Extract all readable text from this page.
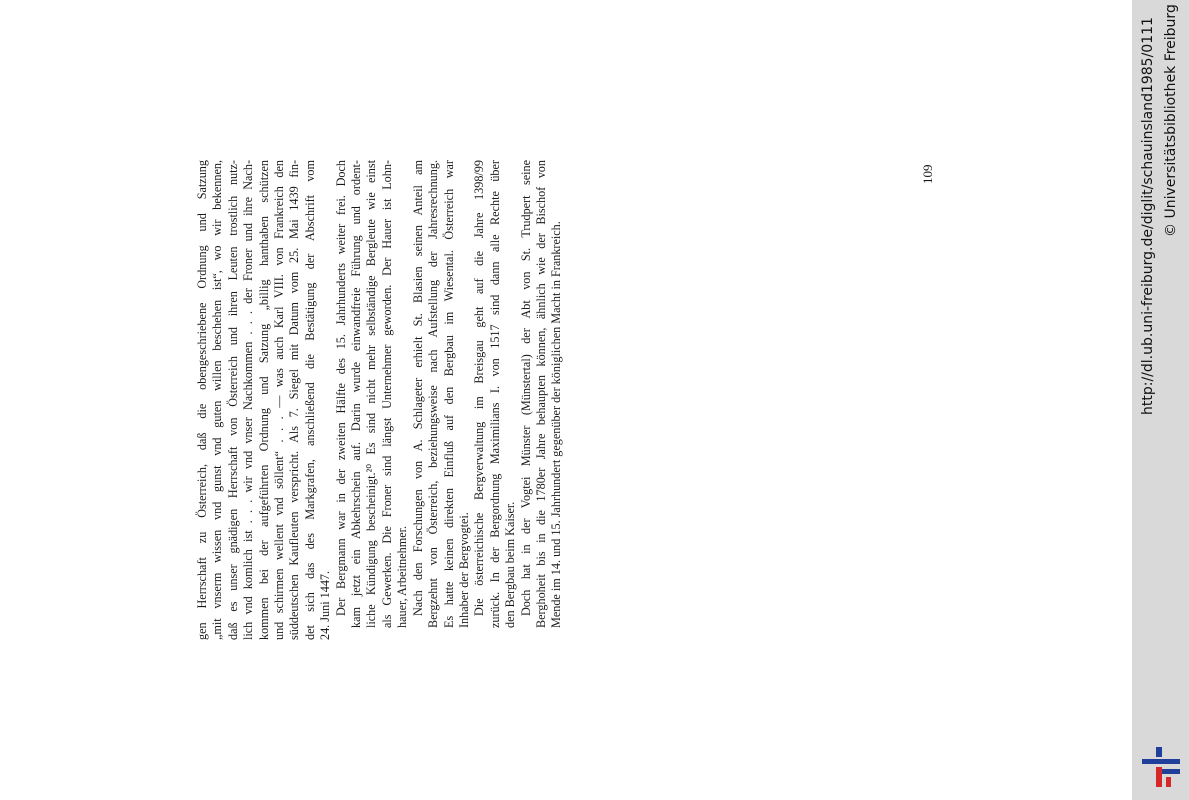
gen Herrschaft zu Österreich, daß die obengeschriebene Ordnung und Satzung „mit vnserm wissen vnd gunst vnd guten willen beschehen ist“, wo wir bekennen, daß es unser gnädigen Herrschaft von Österreich und ihren Leuten trostlich nutz- lich vnd komlich ist . . . wir vnd vnser Nachkommen . . . der Froner und ihre Nach- kommen bei der aufgeführten Ordnung und Satzung „billig hanthaben schützen und schirmen wellent vnd söllent“ . . . — was auch Karl VIII. von Frankreich den süddeutschen Kaufleuten verspricht. Als 7. Siegel mit Datum vom 25. Mai 1439 fin- det sich das des Markgrafen, anschließend die Bestätigung der Abschrift vom 24. Juni 1447. Der Bergmann war in der zweiten Hälfte des 15. Jahrhunderts weiter frei. Doch kam jetzt ein Abkehrschein auf. Darin wurde einwandfreie Führung und ordent- liche Kündigung bescheinigt.²⁰ Es sind nicht mehr selbständige Bergleute wie einst als Gewerken. Die Froner sind längst Unternehmer geworden. Der Hauer ist Lohn- hauer, Arbeitnehmer. Nach den Forschungen von A. Schlageter erhielt St. Blasien seinen Anteil am Bergzehnt von Österreich, beziehungsweise nach Aufstellung der Jahresrechnung. Es hatte keinen direkten Einfluß auf den Bergbau im Wiesental. Österreich war Inhaber der Bergvogtei. Die österreichische Bergverwaltung im Breisgau geht auf die Jahre 1398/99 zurück. In der Bergordnung Maximilians I. von 1517 sind dann alle Rechte über den Bergbau beim Kaiser. Doch hat in der Vogtei Münster (Münstertal) der Abt von St. Trudpert seine Berghoheit bis in die 1780er Jahre behaupten können, ähnlich wie der Bischof von Mende im 14. und 15. Jahrhundert gegenüber der königlichen Macht in Frankreich.
109	http://dl.ub.uni-freiburg.de/diglit/schauinsland1985/0111 © Universitätsbibliothek Freiburg
